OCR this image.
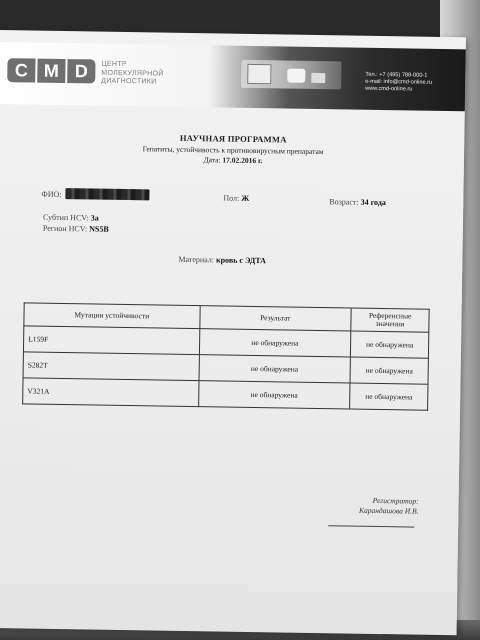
C M D	ЦЕНТР
МОЛЕКУЛЯРНОЙ
ДИАГНОСТИКИ
Тел.: +7 (495) 788-000-1
e-mail: info@cmd-online.ru
www.cmd-online.ru
НАУЧНАЯ ПРОГРАММА
Гепатиты, устойчивость к противовирусным препаратам
Дата: 17.02.2016 г.
ФИО:	Пол: Ж	Возраст: 34 года
Субтип HCV: 3а
Регион HCV: NS5B
Материал: кровь с ЭДТА
Мутации устойчивости	Результат	Референсные значения
L159F	не обнаружена	не обнаружена
S282T	не обнаружена	не обнаружена
V321A	не обнаружена	не обнаружена
Регистратор:
Карандашова И.В.
